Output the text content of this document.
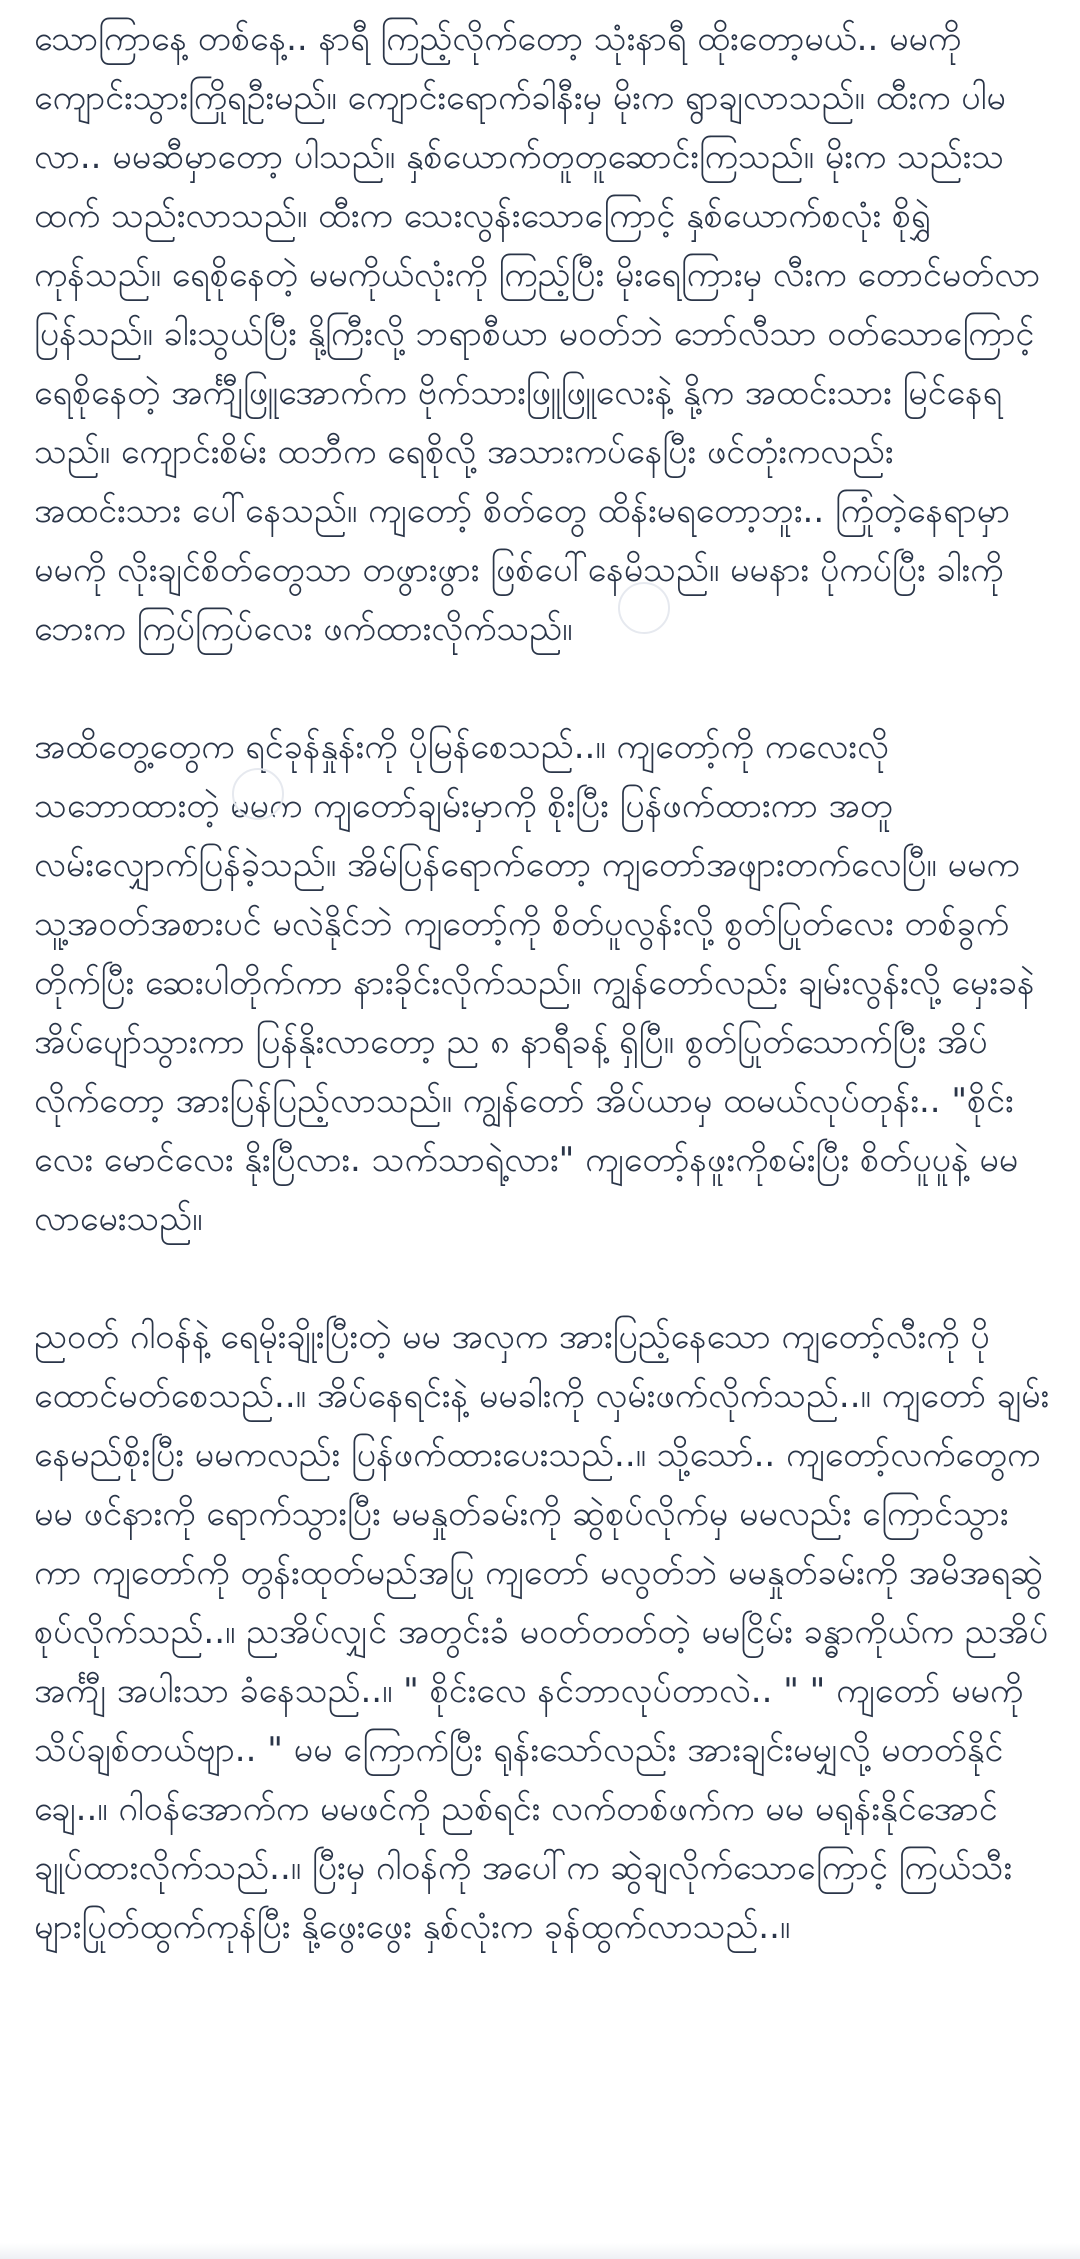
သောကြာနေ့ တစ်နေ့.. နာရီ ကြည့်လိုက်တော့ သုံးနာရီ ထိုးတော့မယ်.. မမကို ကျောင်းသွားကြိုရဦးမည်။ ကျောင်းရောက်ခါနီးမှ မိုးက ရွာချလာသည်။ ထီးက ပါမလာ.. မမဆီမှာတော့ ပါသည်။ နှစ်ယောက်တူတူဆောင်းကြသည်။ မိုးက သည်းသထက် သည်းလာသည်။ ထီးက သေးလွန်းသောကြောင့် နှစ်ယောက်စလုံး စိုရွှဲကုန်သည်။ ရေစိုနေတဲ့ မမကိုယ်လုံးကို ကြည့်ပြီး မိုးရေကြားမှ လီးက တောင်မတ်လာပြန်သည်။ ခါးသွယ်ပြီး နို့ကြီးလို့ ဘရာစီယာ မဝတ်ဘဲ ဘော်လီသာ ဝတ်သောကြောင့် ရေစိုနေတဲ့ အင်္ကျီဖြူအောက်က ဗိုက်သားဖြူဖြူလေးနဲ့ နို့က အထင်းသား မြင်နေရသည်။ ကျောင်းစိမ်း ထဘီက ရေစိုလို့ အသားကပ်နေပြီး ဖင်တုံးကလည်း အထင်းသား ပေါ်နေသည်။ ကျတော့် စိတ်တွေ ထိန်းမရတော့ဘူး.. ကြုံတဲ့နေရာမှာ မမကို လိုးချင်စိတ်တွေသာ တဖွားဖွား ဖြစ်ပေါ်နေမိသည်။ မမနား ပိုကပ်ပြီး ခါးကို ဘေးက ကြပ်ကြပ်လေး ဖက်ထားလိုက်သည်။

အထိတွေ့တွေက ရင်ခုန်နှုန်းကို ပိုမြန်စေသည်..။ ကျတော့်ကို ကလေးလို သဘောထားတဲ့ မမက ကျတော်ချမ်းမှာကို စိုးပြီး ပြန်ဖက်ထားကာ အတူလမ်းလျှောက်ပြန်ခဲ့သည်။ အိမ်ပြန်ရောက်တော့ ကျတော်အဖျားတက်လေပြီ။ မမက သူ့အဝတ်အစားပင် မလဲနိုင်ဘဲ ကျတော့်ကို စိတ်ပူလွန်းလို့ စွတ်ပြုတ်လေး တစ်ခွက် တိုက်ပြီး ဆေးပါတိုက်ကာ နားခိုင်းလိုက်သည်။ ကျွန်တော်လည်း ချမ်းလွန်းလို့ မှေးခနဲ အိပ်ပျော်သွားကာ ပြန်နိုးလာတော့ ည ၈ နာရီခန့် ရှိပြီ။ စွတ်ပြုတ်သောက်ပြီး အိပ်လိုက်တော့ အားပြန်ပြည့်လာသည်။ ကျွန်တော် အိပ်ယာမှ ထမယ်လုပ်တုန်း.. "စိုင်းလေး မောင်လေး နိုးပြီလား. သက်သာရဲ့လား" ကျတော့်နဖူးကိုစမ်းပြီး စိတ်ပူပူနဲ့ မမ လာမေးသည်။

ညဝတ် ဂါဝန်နဲ့ ရေမိုးချိုးပြီးတဲ့ မမ အလှက အားပြည့်နေသော ကျတော့်လီးကို ပိုထောင်မတ်စေသည်..။ အိပ်နေရင်းနဲ့ မမခါးကို လှမ်းဖက်လိုက်သည်..။ ကျတော် ချမ်းနေမည်စိုးပြီး မမကလည်း ပြန်ဖက်ထားပေးသည်..။ သို့သော်.. ကျတော့်လက်တွေက မမ ဖင်နားကို ရောက်သွားပြီး မမနှုတ်ခမ်းကို ဆွဲစုပ်လိုက်မှ မမလည်း ကြောင်သွားကာ ကျတော်ကို တွန်းထုတ်မည်အပြု ကျတော် မလွတ်ဘဲ မမနှုတ်ခမ်းကို အမိအရဆွဲစုပ်လိုက်သည်..။ ညအိပ်လျှင် အတွင်းခံ မဝတ်တတ်တဲ့ မမငြိမ်း ခန္ဓာကိုယ်က ညအိပ်အင်္ကျီ အပါးသာ ခံနေသည်..။ " စိုင်းလေ နင်ဘာလုပ်တာလဲ.. " " ကျတော် မမကို သိပ်ချစ်တယ်ဗျာ.. " မမ ကြောက်ပြီး ရုန်းသော်လည်း အားချင်းမမျှလို့ မတတ်နိုင်ချေ..။ ဂါဝန်အောက်က မမဖင်ကို ညစ်ရင်း လက်တစ်ဖက်က မမ မရုန်းနိုင်အောင် ချုပ်ထားလိုက်သည်..။ ပြီးမှ ဂါဝန်ကို အပေါ်က ဆွဲချလိုက်သောကြောင့် ကြယ်သီးများပြုတ်ထွက်ကုန်ပြီး နို့ဖွေးဖွေး နှစ်လုံးက ခုန်ထွက်လာသည်..။
